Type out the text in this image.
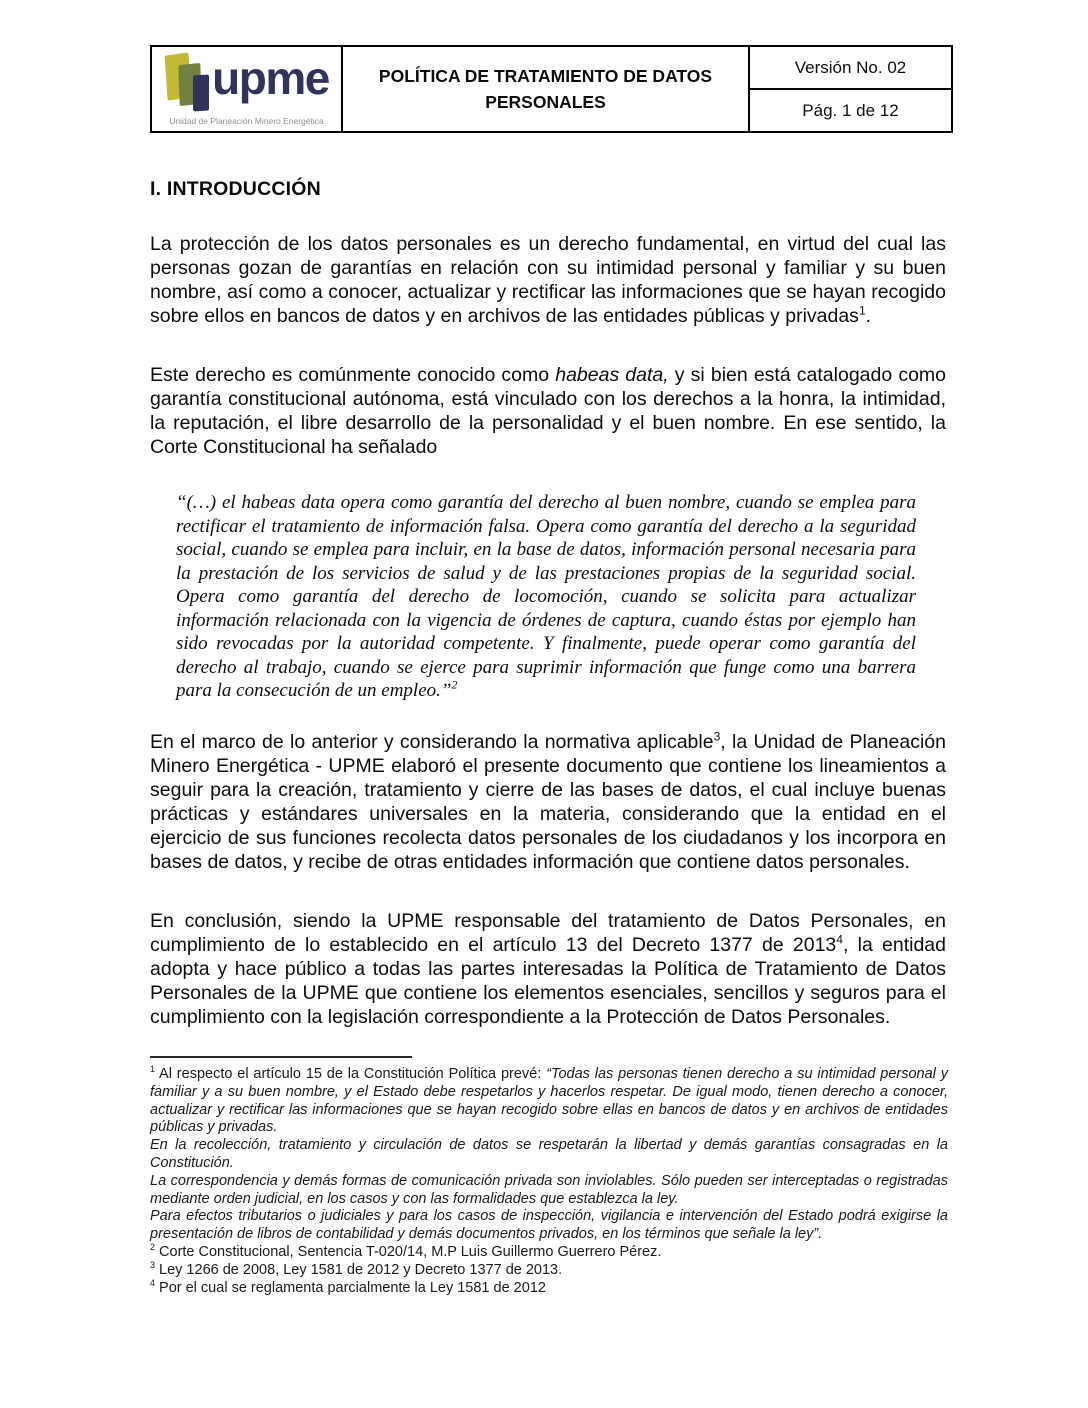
upme
Unidad de Planeación Minero Energética
POLÍTICA DE TRATAMIENTO DE DATOS PERSONALES
Versión No. 02
Pág. 1 de 12
I. INTRODUCCIÓN

La protección de los datos personales es un derecho fundamental, en virtud del cual las personas gozan de garantías en relación con su intimidad personal y familiar y su buen nombre, así como a conocer, actualizar y rectificar las informaciones que se hayan recogido sobre ellos en bancos de datos y en archivos de las entidades públicas y privadas$^1$.

Este derecho es comúnmente conocido como habeas data, y si bien está catalogado como garantía constitucional autónoma, está vinculado con los derechos a la honra, la intimidad, la reputación, el libre desarrollo de la personalidad y el buen nombre. En ese sentido, la Corte Constitucional ha señalado

“(…) el habeas data opera como garantía del derecho al buen nombre, cuando se emplea para rectificar el tratamiento de información falsa. Opera como garantía del derecho a la seguridad social, cuando se emplea para incluir, en la base de datos, información personal necesaria para la prestación de los servicios de salud y de las prestaciones propias de la seguridad social. Opera como garantía del derecho de locomoción, cuando se solicita para actualizar información relacionada con la vigencia de órdenes de captura, cuando éstas por ejemplo han sido revocadas por la autoridad competente. Y finalmente, puede operar como garantía del derecho al trabajo, cuando se ejerce para suprimir información que funge como una barrera para la consecución de un empleo.”$^2$

En el marco de lo anterior y considerando la normativa aplicable$^3$, la Unidad de Planeación Minero Energética - UPME elaboró el presente documento que contiene los lineamientos a seguir para la creación, tratamiento y cierre de las bases de datos, el cual incluye buenas prácticas y estándares universales en la materia, considerando que la entidad en el ejercicio de sus funciones recolecta datos personales de los ciudadanos y los incorpora en bases de datos, y recibe de otras entidades información que contiene datos personales.

En conclusión, siendo la UPME responsable del tratamiento de Datos Personales, en cumplimiento de lo establecido en el artículo 13 del Decreto 1377 de 2013$^4$, la entidad adopta y hace público a todas las partes interesadas la Política de Tratamiento de Datos Personales de la UPME que contiene los elementos esenciales, sencillos y seguros para el cumplimiento con la legislación correspondiente a la Protección de Datos Personales.

$^1$ Al respecto el artículo 15 de la Constitución Política prevé: “Todas las personas tienen derecho a su intimidad personal y familiar y a su buen nombre, y el Estado debe respetarlos y hacerlos respetar. De igual modo, tienen derecho a conocer, actualizar y rectificar las informaciones que se hayan recogido sobre ellas en bancos de datos y en archivos de entidades públicas y privadas.
En la recolección, tratamiento y circulación de datos se respetarán la libertad y demás garantías consagradas en la Constitución.
La correspondencia y demás formas de comunicación privada son inviolables. Sólo pueden ser interceptadas o registradas mediante orden judicial, en los casos y con las formalidades que establezca la ley.
Para efectos tributarios o judiciales y para los casos de inspección, vigilancia e intervención del Estado podrá exigirse la presentación de libros de contabilidad y demás documentos privados, en los términos que señale la ley”.

$^2$ Corte Constitucional, Sentencia T-020/14, M.P Luis Guillermo Guerrero Pérez.

$^3$ Ley 1266 de 2008, Ley 1581 de 2012 y Decreto 1377 de 2013.

$^4$ Por el cual se reglamenta parcialmente la Ley 1581 de 2012
